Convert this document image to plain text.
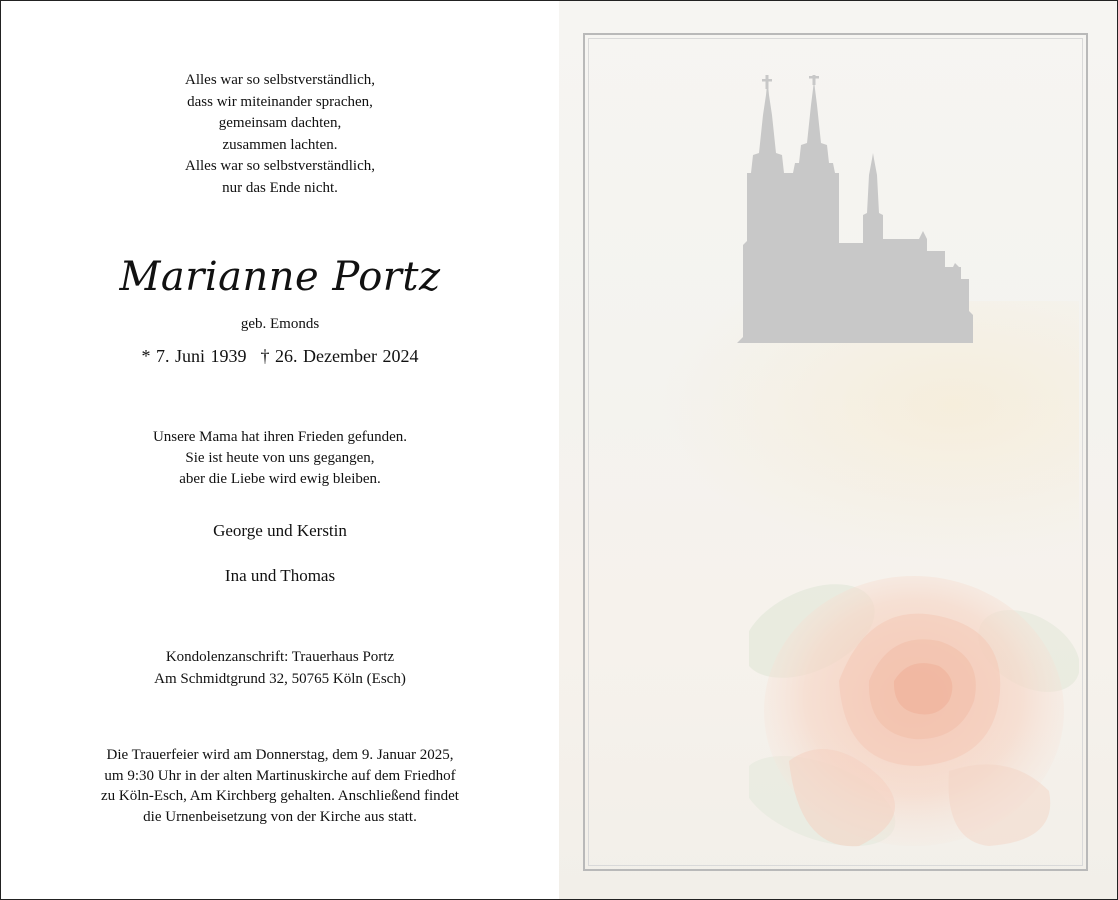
Alles war so selbstverständlich,
dass wir miteinander sprachen,
gemeinsam dachten,
zusammen lachten.
Alles war so selbstverständlich,
nur das Ende nicht.
Marianne Portz
geb. Emonds
* 7. Juni 1939 † 26. Dezember 2024
Unsere Mama hat ihren Frieden gefunden.
Sie ist heute von uns gegangen,
aber die Liebe wird ewig bleiben.
George und Kerstin
Ina und Thomas
Kondolenzanschrift: Trauerhaus Portz
Am Schmidtgrund 32, 50765 Köln (Esch)
Die Trauerfeier wird am Donnerstag, dem 9. Januar 2025,
um 9:30 Uhr in der alten Martinuskirche auf dem Friedhof
zu Köln-Esch, Am Kirchberg gehalten. Anschließend findet
die Urnenbeisetzung von der Kirche aus statt.
